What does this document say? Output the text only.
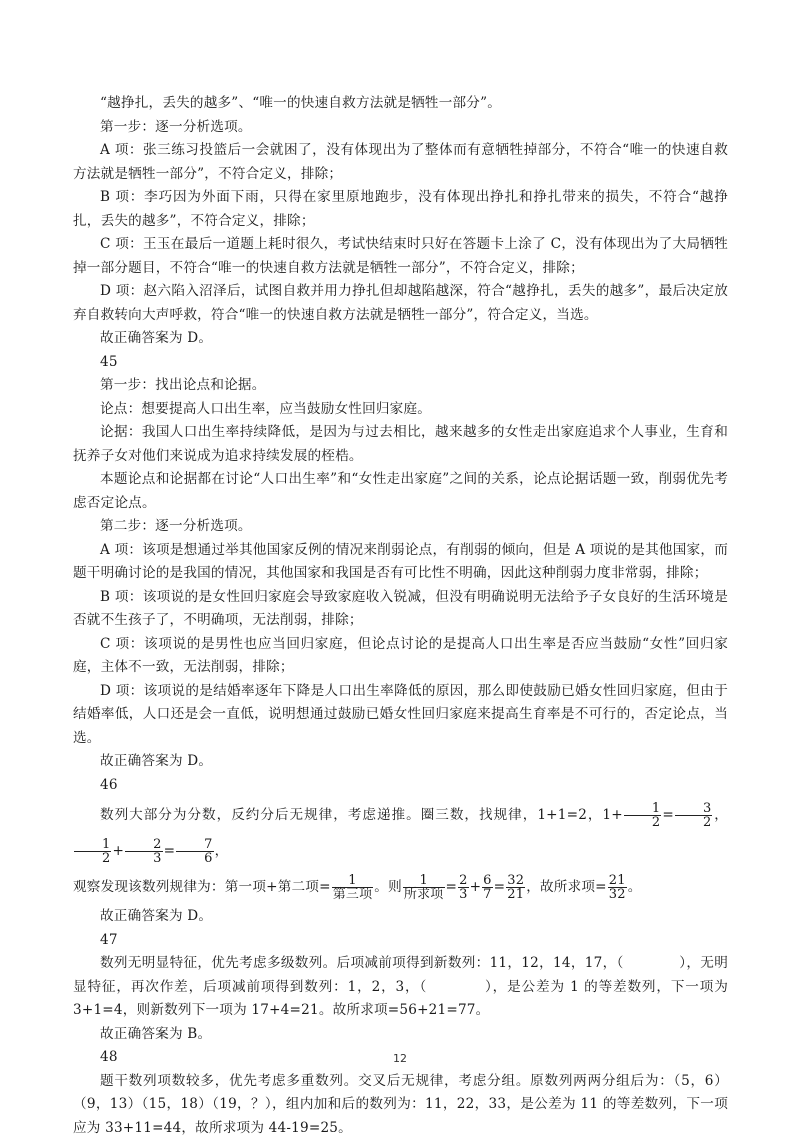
“越挣扎，丢失的越多”、“唯一的快速自救方法就是牺牲一部分”。

第一步：逐一分析选项。

A 项：张三练习投篮后一会就困了，没有体现出为了整体而有意牺牲掉部分，不符合“唯一的快速自救方法就是牺牲一部分”，不符合定义，排除；

B 项：李巧因为外面下雨，只得在家里原地跑步，没有体现出挣扎和挣扎带来的损失，不符合“越挣扎，丢失的越多”，不符合定义，排除；

C 项：王玉在最后一道题上耗时很久，考试快结束时只好在答题卡上涂了 C，没有体现出为了大局牺牲掉一部分题目，不符合“唯一的快速自救方法就是牺牲一部分”，不符合定义，排除；

D 项：赵六陷入沼泽后，试图自救并用力挣扎但却越陷越深，符合“越挣扎，丢失的越多”，最后决定放弃自救转向大声呼救，符合“唯一的快速自救方法就是牺牲一部分”，符合定义，当选。

故正确答案为 D。

45

第一步：找出论点和论据。

论点：想要提高人口出生率，应当鼓励女性回归家庭。

论据：我国人口出生率持续降低，是因为与过去相比，越来越多的女性走出家庭追求个人事业，生育和抚养子女对他们来说成为追求持续发展的桎梏。

本题论点和论据都在讨论“人口出生率”和“女性走出家庭”之间的关系，论点论据话题一致，削弱优先考虑否定论点。

第二步：逐一分析选项。

A 项：该项是想通过举其他国家反例的情况来削弱论点，有削弱的倾向，但是 A 项说的是其他国家，而题干明确讨论的是我国的情况，其他国家和我国是否有可比性不明确，因此这种削弱力度非常弱，排除；

B 项：该项说的是女性回归家庭会导致家庭收入锐减，但没有明确说明无法给予子女良好的生活环境是否就不生孩子了，不明确项，无法削弱，排除；

C 项：该项说的是男性也应当回归家庭，但论点讨论的是提高人口出生率是否应当鼓励“女性”回归家庭，主体不一致，无法削弱，排除；

D 项：该项说的是结婚率逐年下降是人口出生率降低的原因，那么即使鼓励已婚女性回归家庭，但由于结婚率低，人口还是会一直低，说明想通过鼓励已婚女性回归家庭来提高生育率是不可行的，否定论点，当选。

故正确答案为 D。

46

数列大部分为分数，反约分后无规律，考虑递推。圈三数，找规律，1+1=2，$1+ \frac{1}{2} = \frac{3}{2}$ ，
$\frac{1}{2} + \frac{2}{3} = \frac{7}{6}$ ，

观察发现该数列规律为：第一项+第二项= $\frac{1}{\text{第三项}}$ 。则 $\frac{1}{\text{所求项}} = \frac{2}{3} + \frac{6}{7} = \frac{32}{21}$ ，故所求项= $\frac{21}{32}$ 。

故正确答案为 D。

47

数列无明显特征，优先考虑多级数列。后项减前项得到新数列：11，12，14，17，（　　　　），无明显特征，再次作差，后项减前项得到数列：1，2，3，（　　　　），是公差为 1 的等差数列，下一项为 3+1=4，则新数列下一项为 17+4=21。故所求项=56+21=77。

故正确答案为 B。

48

题干数列项数较多，优先考虑多重数列。交叉后无规律，考虑分组。原数列两两分组后为：（5，6）（9，13）（15，18）（19，？），组内加和后的数列为：11，22，33，是公差为 11 的等差数列，下一项应为 33+11=44，故所求项为 44-19=25。

12
